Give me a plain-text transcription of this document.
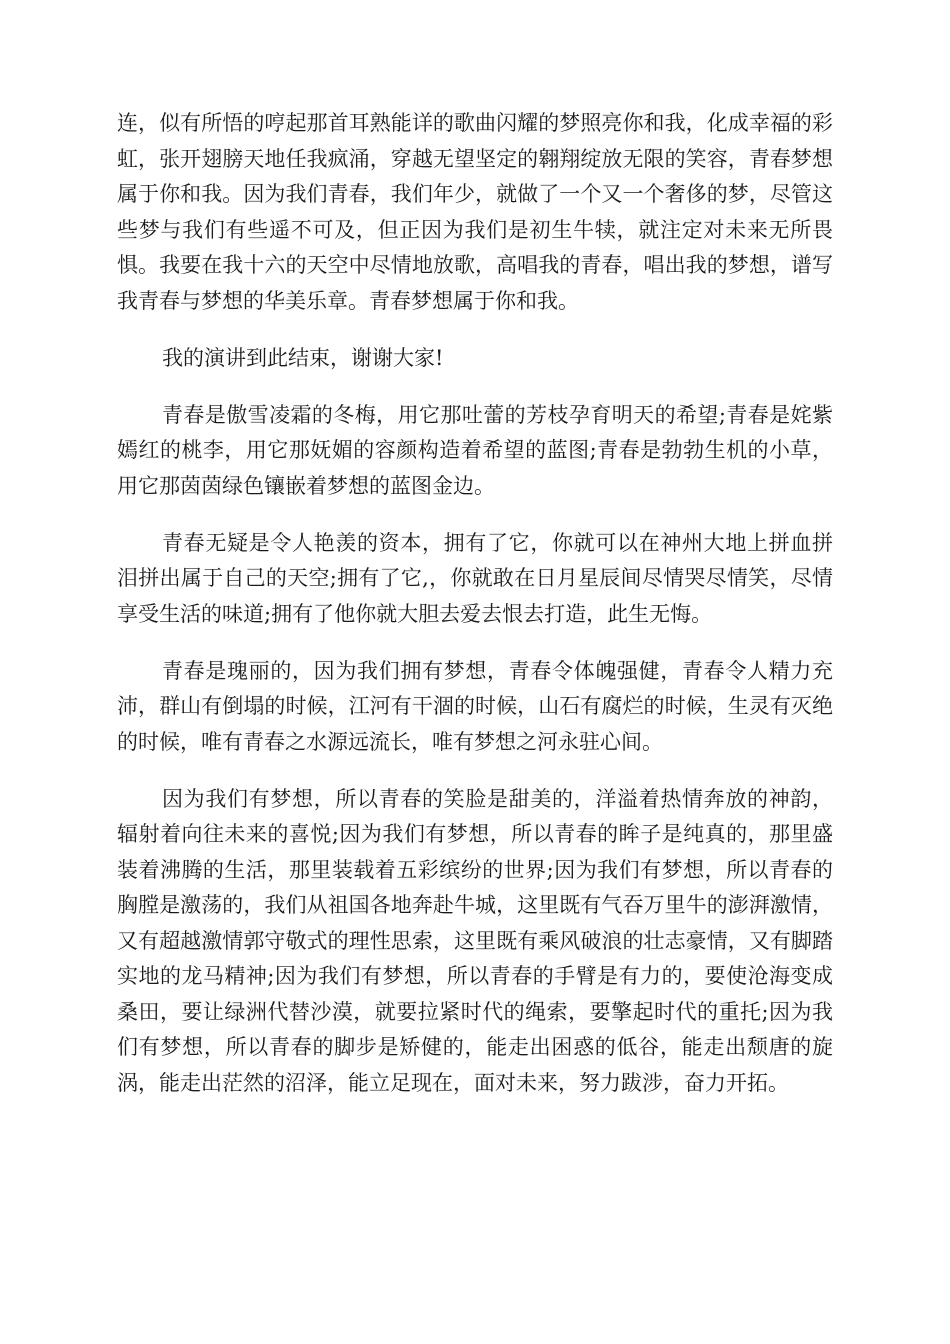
连，似有所悟的哼起那首耳熟能详的歌曲闪耀的梦照亮你和我，化成幸福的彩虹，张开翅膀天地任我疯涌，穿越无望坚定的翱翔绽放无限的笑容，青春梦想属于你和我。因为我们青春，我们年少，就做了一个又一个奢侈的梦，尽管这些梦与我们有些遥不可及，但正因为我们是初生牛犊，就注定对未来无所畏惧。我要在我十六的天空中尽情地放歌，高唱我的青春，唱出我的梦想，谱写我青春与梦想的华美乐章。青春梦想属于你和我。

我的演讲到此结束，谢谢大家!

青春是傲雪凌霜的冬梅，用它那吐蕾的芳枝孕育明天的希望;青春是姹紫嫣红的桃李，用它那妩媚的容颜构造着希望的蓝图;青春是勃勃生机的小草，用它那茵茵绿色镶嵌着梦想的蓝图金边。

青春无疑是令人艳羡的资本，拥有了它，你就可以在神州大地上拼血拼泪拼出属于自己的天空;拥有了它,，你就敢在日月星辰间尽情哭尽情笑，尽情享受生活的味道;拥有了他你就大胆去爱去恨去打造，此生无悔。

青春是瑰丽的，因为我们拥有梦想，青春令体魄强健，青春令人精力充沛，群山有倒塌的时候，江河有干涸的时候，山石有腐烂的时候，生灵有灭绝的时候，唯有青春之水源远流长，唯有梦想之河永驻心间。

因为我们有梦想，所以青春的笑脸是甜美的，洋溢着热情奔放的神韵，辐射着向往未来的喜悦;因为我们有梦想，所以青春的眸子是纯真的，那里盛装着沸腾的生活，那里装载着五彩缤纷的世界;因为我们有梦想，所以青春的胸膛是激荡的，我们从祖国各地奔赴牛城，这里既有气吞万里牛的澎湃激情，又有超越激情郭守敬式的理性思索，这里既有乘风破浪的壮志豪情，又有脚踏实地的龙马精神;因为我们有梦想，所以青春的手臂是有力的，要使沧海变成桑田，要让绿洲代替沙漠，就要拉紧时代的绳索，要擎起时代的重托;因为我们有梦想，所以青春的脚步是矫健的，能走出困惑的低谷，能走出颓唐的旋涡，能走出茫然的沼泽，能立足现在，面对未来，努力跋涉，奋力开拓。
